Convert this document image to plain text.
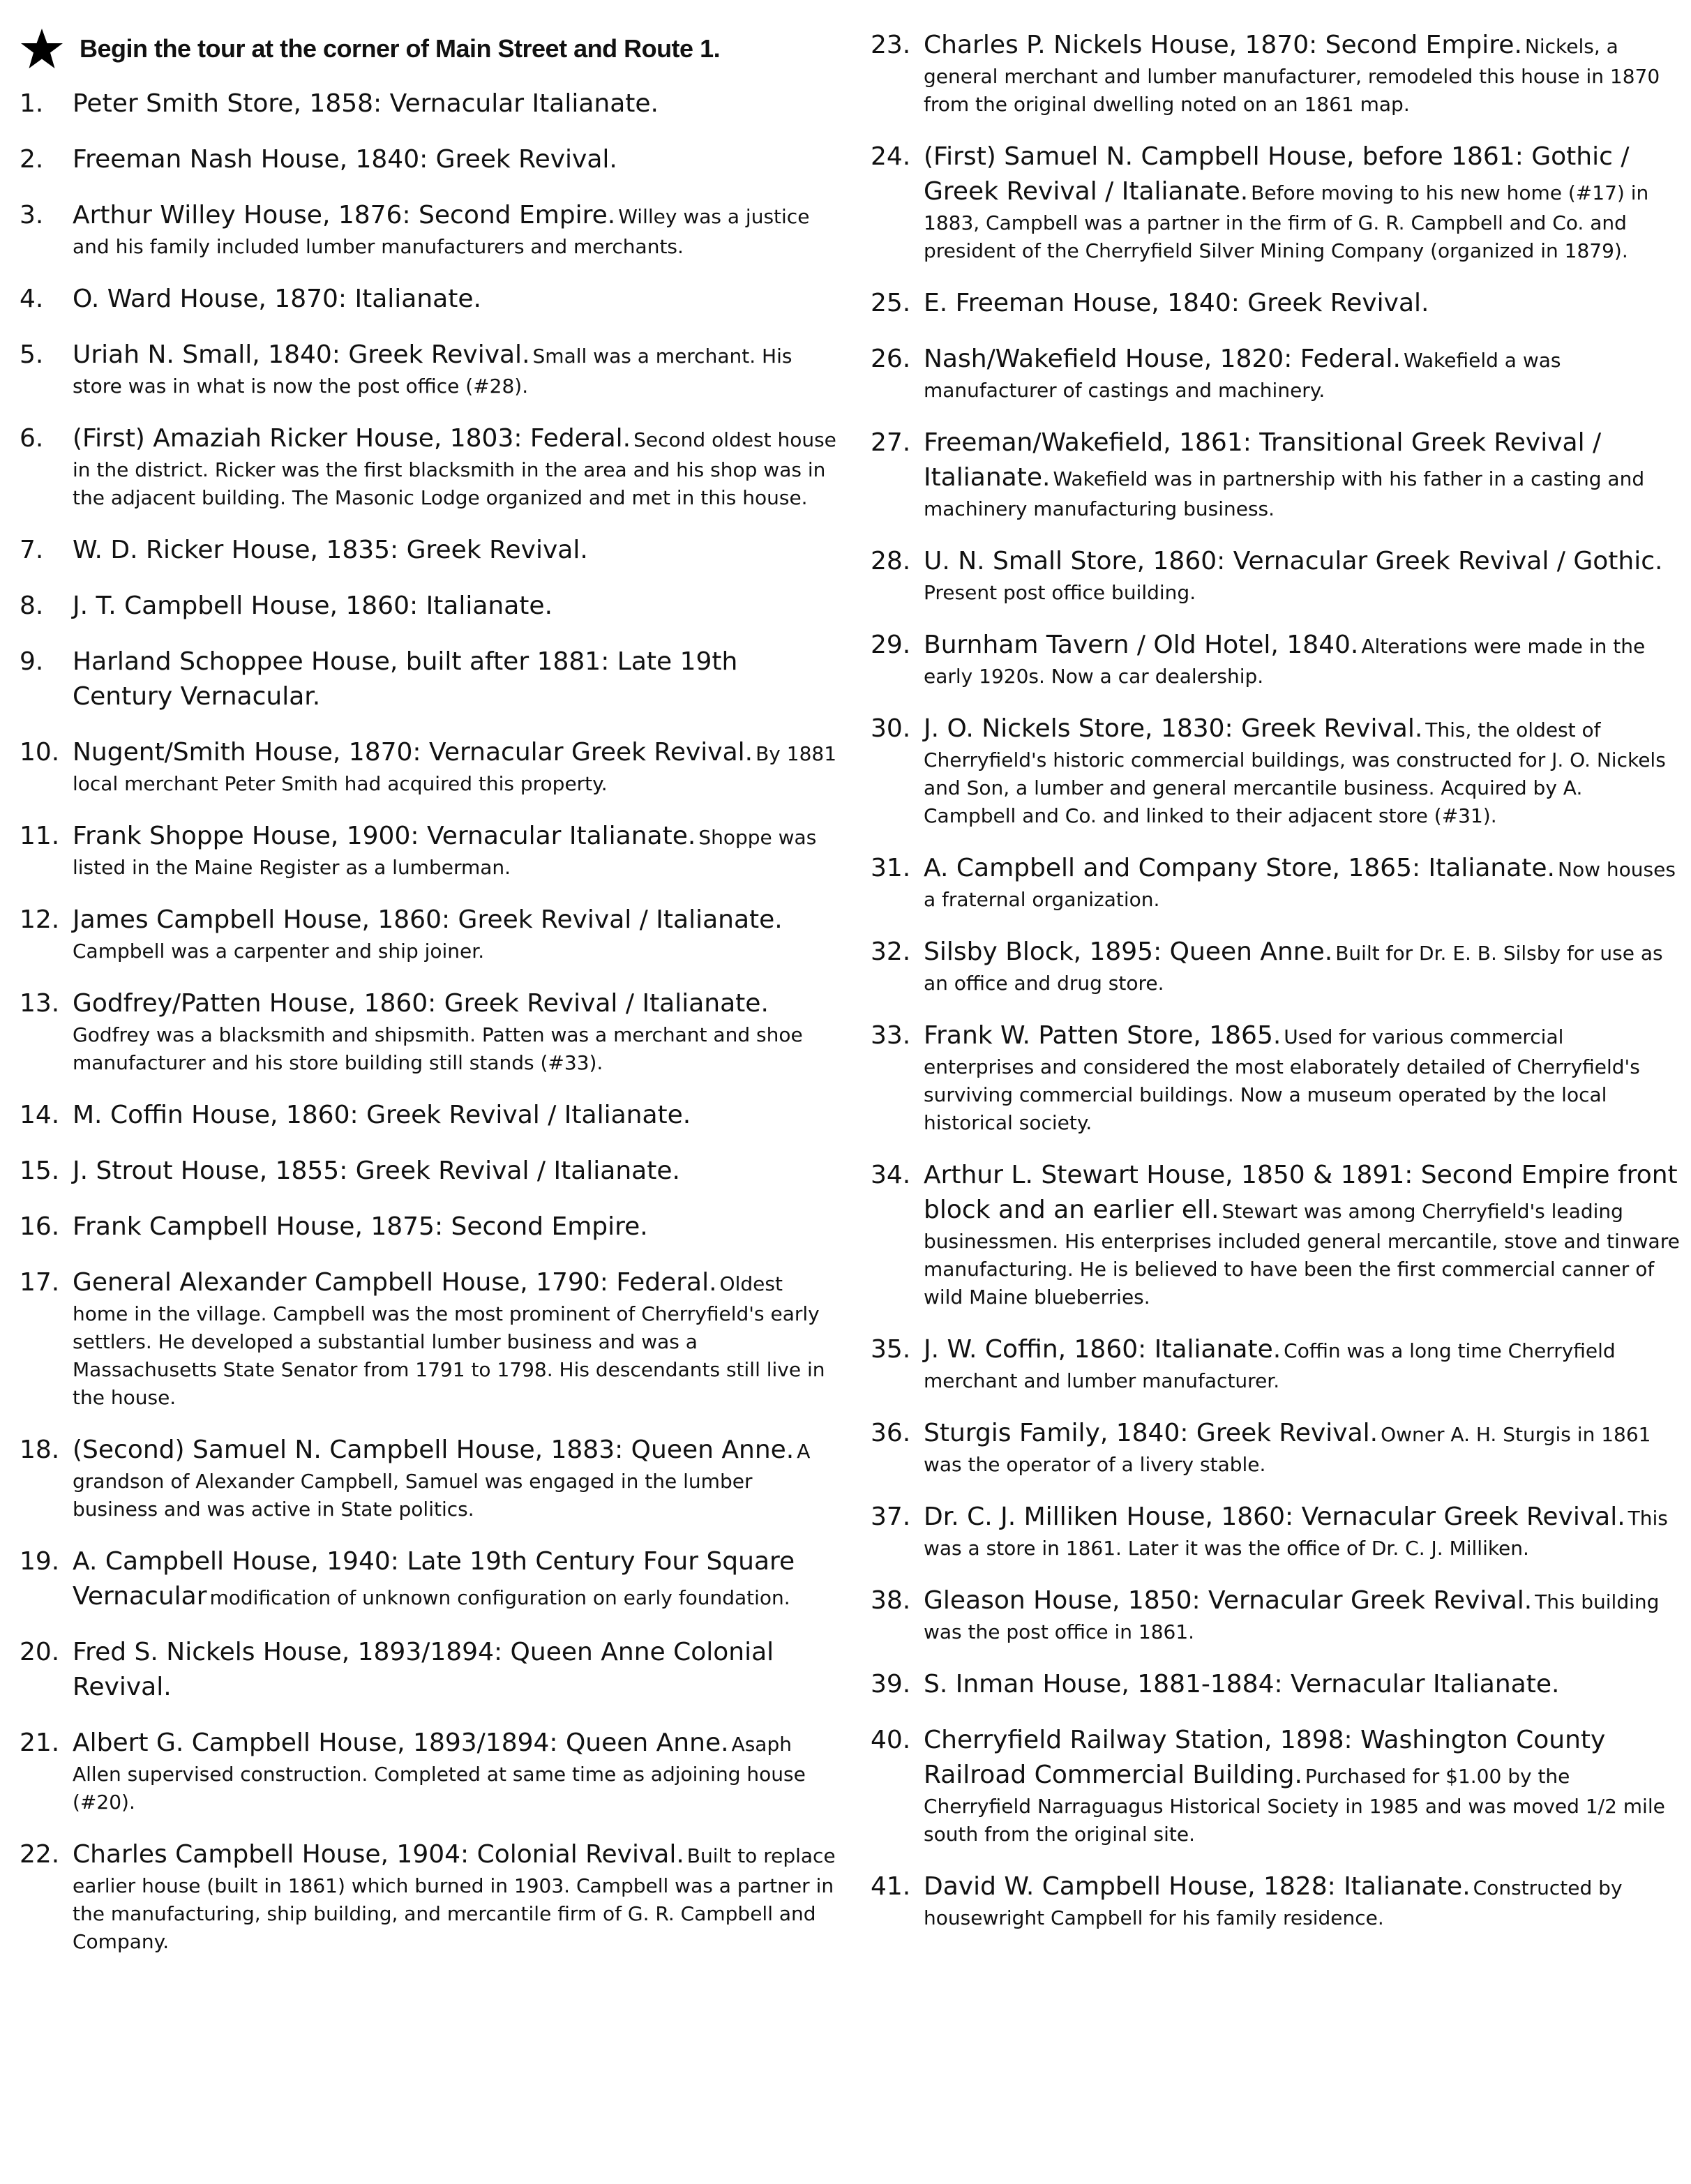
Begin the tour at the corner of Main Street and Route 1.
1.	Peter Smith Store, 1858: Vernacular Italianate.
2.	Freeman Nash House, 1840: Greek Revival.
3.	Arthur Willey House, 1876: Second Empire. Willey was a justice and his family included lumber manufacturers and merchants.
4.	O. Ward House, 1870: Italianate.
5.	Uriah N. Small, 1840: Greek Revival. Small was a merchant. His store was in what is now the post office (#28).
6.	(First) Amaziah Ricker House, 1803: Federal. Second oldest house in the district. Ricker was the first blacksmith in the area and his shop was in the adjacent building. The Masonic Lodge organized and met in this house.
7.	W. D. Ricker House, 1835: Greek Revival.
8.	J. T. Campbell House, 1860: Italianate.
9.	Harland Schoppee House, built after 1881: Late 19th Century Vernacular.
10. Nugent/Smith House, 1870: Vernacular Greek Revival. By 1881 local merchant Peter Smith had acquired this property.
11. Frank Shoppe House, 1900: Vernacular Italianate. Shoppe was listed in the Maine Register as a lumberman.
12. James Campbell House, 1860: Greek Revival / Italianate. Campbell was a carpenter and ship joiner.
13. Godfrey/Patten House, 1860: Greek Revival / Italianate. Godfrey was a blacksmith and shipsmith. Patten was a merchant and shoe manufacturer and his store building still stands (#33).
14. M. Coffin House, 1860: Greek Revival / Italianate.
15. J. Strout House, 1855: Greek Revival / Italianate.
16. Frank Campbell House, 1875: Second Empire.
17. General Alexander Campbell House, 1790: Federal. Oldest home in the village. Campbell was the most prominent of Cherryfield's early settlers. He developed a substantial lumber business and was a Massachusetts State Senator from 1791 to 1798. His descendants still live in the house.
18. (Second) Samuel N. Campbell House, 1883: Queen Anne. A grandson of Alexander Campbell, Samuel was engaged in the lumber business and was active in State politics.
19. A. Campbell House, 1940: Late 19th Century Four Square Vernacular modification of unknown configuration on early foundation.
20. Fred S. Nickels House, 1893/1894: Queen Anne Colonial Revival.
21. Albert G. Campbell House, 1893/1894: Queen Anne. Asaph Allen supervised construction. Completed at same time as adjoining house (#20).
22. Charles Campbell House, 1904: Colonial Revival. Built to replace earlier house (built in 1861) which burned in 1903. Campbell was a partner in the manufacturing, ship building, and mercantile firm of G. R. Campbell and Company.
23. Charles P. Nickels House, 1870: Second Empire. Nickels, a general merchant and lumber manufacturer, remodeled this house in 1870 from the original dwelling noted on an 1861 map.
24. (First) Samuel N. Campbell House, before 1861: Gothic / Greek Revival / Italianate. Before moving to his new home (#17) in 1883, Campbell was a partner in the firm of G. R. Campbell and Co. and president of the Cherryfield Silver Mining Company (organized in 1879).
25. E. Freeman House, 1840: Greek Revival.
26. Nash/Wakefield House, 1820: Federal. Wakefield a was manufacturer of castings and machinery.
27. Freeman/Wakefield, 1861: Transitional Greek Revival / Italianate. Wakefield was in partnership with his father in a casting and machinery manufacturing business.
28. U. N. Small Store, 1860: Vernacular Greek Revival / Gothic. Present post office building.
29. Burnham Tavern / Old Hotel, 1840. Alterations were made in the early 1920s. Now a car dealership.
30. J. O. Nickels Store, 1830: Greek Revival. This, the oldest of Cherryfield's historic commercial buildings, was constructed for J. O. Nickels and Son, a lumber and general mercantile business. Acquired by A. Campbell and Co. and linked to their adjacent store (#31).
31. A. Campbell and Company Store, 1865: Italianate. Now houses a fraternal organization.
32. Silsby Block, 1895: Queen Anne. Built for Dr. E. B. Silsby for use as an office and drug store.
33. Frank W. Patten Store, 1865. Used for various commercial enterprises and considered the most elaborately detailed of Cherryfield's surviving commercial buildings. Now a museum operated by the local historical society.
34. Arthur L. Stewart House, 1850 & 1891: Second Empire front block and an earlier ell. Stewart was among Cherryfield's leading businessmen. His enterprises included general mercantile, stove and tinware manufacturing. He is believed to have been the first commercial canner of wild Maine blueberries.
35. J. W. Coffin, 1860: Italianate. Coffin was a long time Cherryfield merchant and lumber manufacturer.
36. Sturgis Family, 1840: Greek Revival. Owner A. H. Sturgis in 1861 was the operator of a livery stable.
37. Dr. C. J. Milliken House, 1860: Vernacular Greek Revival. This was a store in 1861. Later it was the office of Dr. C. J. Milliken.
38. Gleason House, 1850: Vernacular Greek Revival. This building was the post office in 1861.
39. S. Inman House, 1881-1884: Vernacular Italianate.
40. Cherryfield Railway Station, 1898: Washington County Railroad Commercial Building. Purchased for $1.00 by the Cherryfield Narraguagus Historical Society in 1985 and was moved 1/2 mile south from the original site.
41. David W. Campbell House, 1828: Italianate. Constructed by housewright Campbell for his family residence.
